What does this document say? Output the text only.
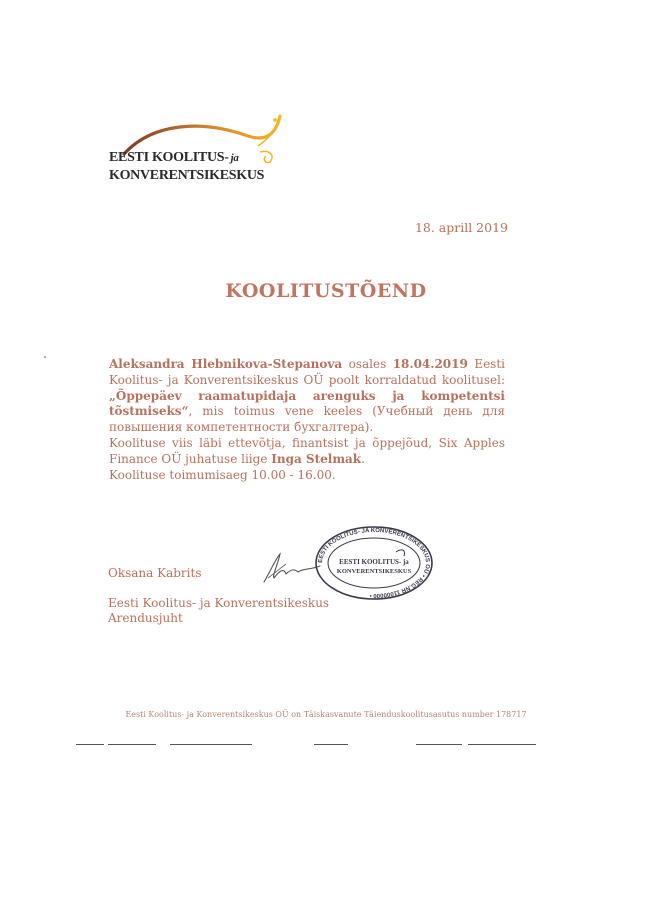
EESTI KOOLITUS- ja
KONVERENTSIKESKUS
18. aprill 2019
KOOLITUSTÕEND

Aleksandra Hlebnikova-Stepanova osales 18.04.2019 Eesti Koolitus- ja Konverentsikeskus OÜ poolt korraldatud koolitusel: „Õppepäev raamatupidaja arenguks ja kompetentsi tõstmiseks“, mis toimus vene keeles (Учебный день для повышения компетентности бухгалтера).

Koolituse viis läbi ettevõtja, finantsist ja õppejõud, Six Apples Finance OÜ juhatuse liige Inga Stelmak.

Koolituse toimumisaeg 10.00 - 16.00.

EESTI KOOLITUS- JA KONVERENTSIKESKUS OÜ • REG.NR 11000000 •
EESTI KOOLITUS- ja
KONVERENTSIKESKUS
Oksana Kabrits
Eesti Koolitus- ja Konverentsikeskus
Arendusjuht
Eesti Koolitus- ja Konverentsikeskus OÜ on Täiskasvanute Täienduskoolitusasutus number 178717
